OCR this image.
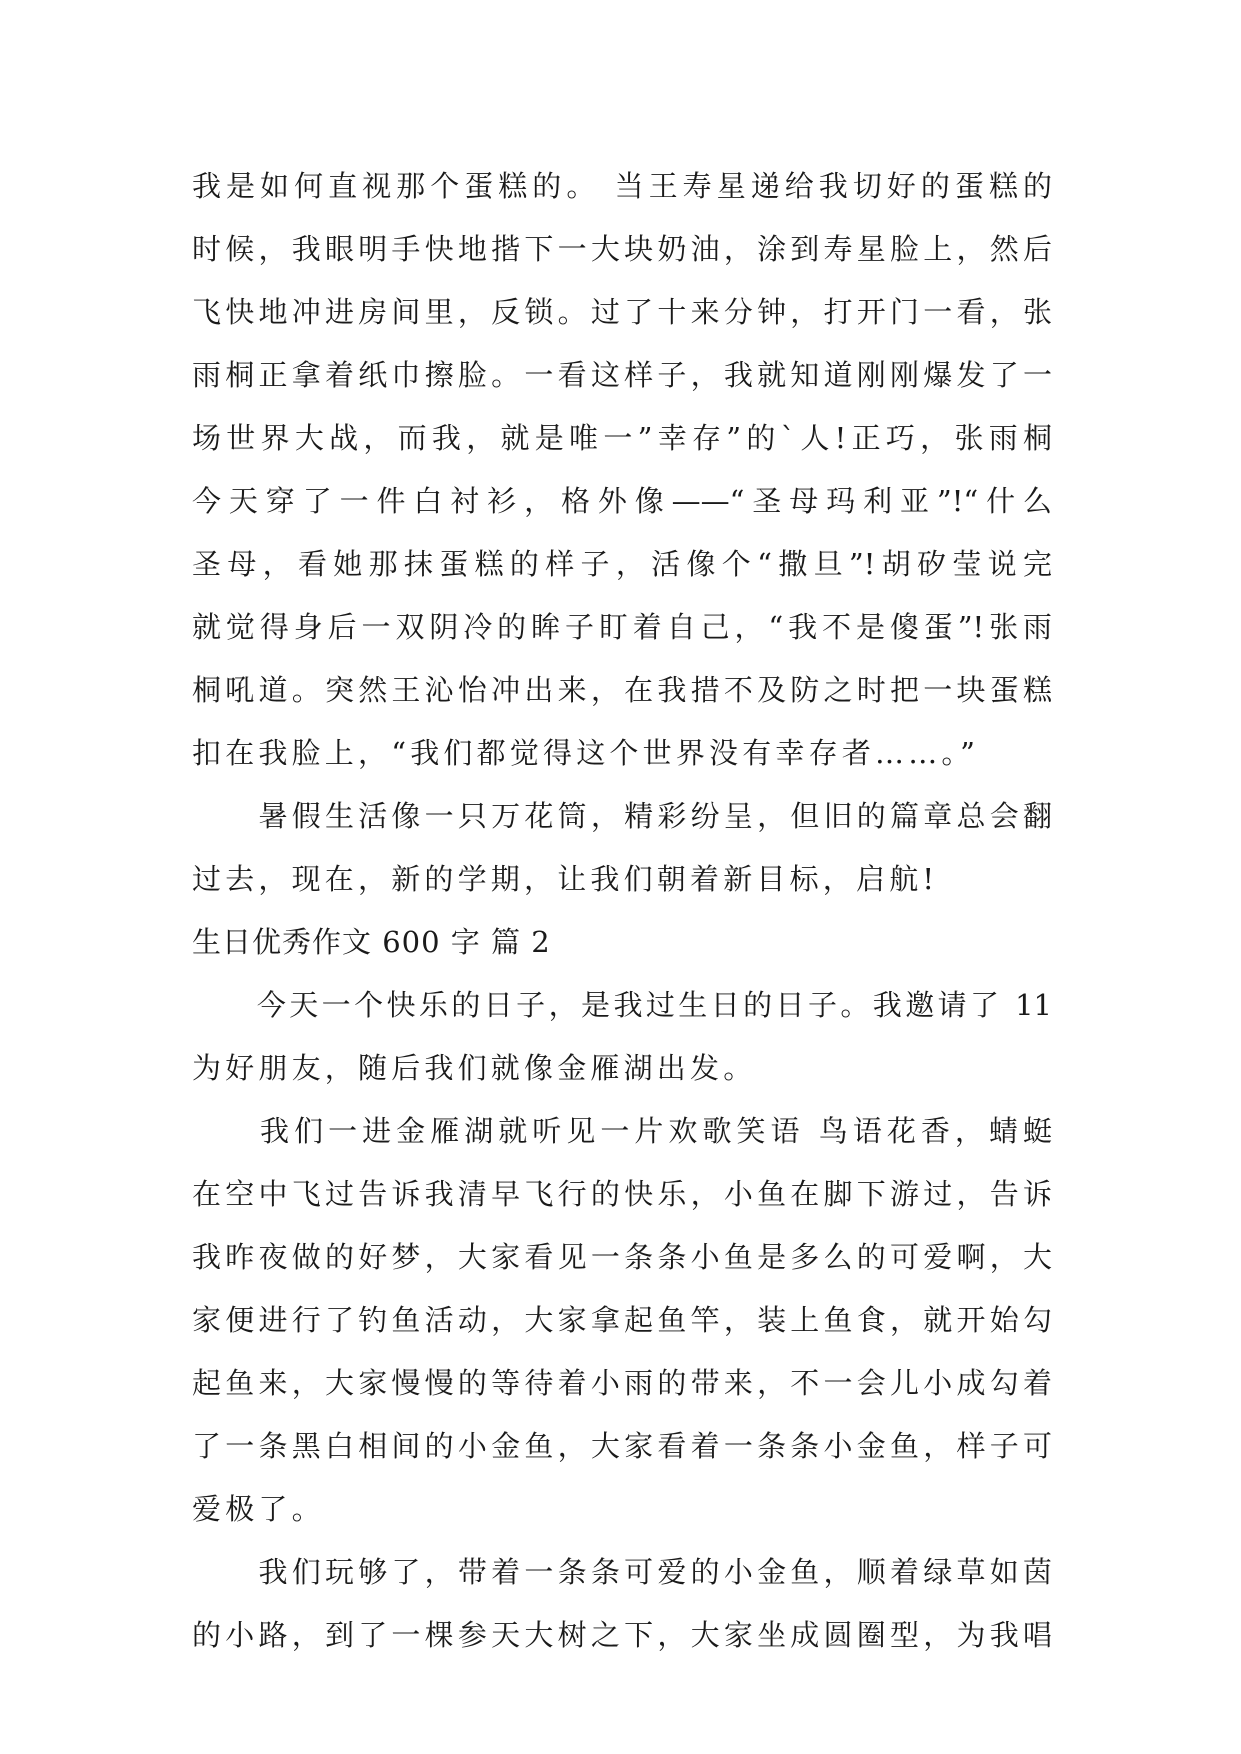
我是如何直视那个蛋糕的。 当王寿星递给我切好的蛋糕的
时候，我眼明手快地揩下一大块奶油，涂到寿星脸上，然后
飞快地冲进房间里，反锁。过了十来分钟，打开门一看，张
雨桐正拿着纸巾擦脸。一看这样子，我就知道刚刚爆发了一
场世界大战，而我，就是唯一”幸存”的`人!正巧，张雨桐
今天穿了一件白衬衫，格外像——“圣母玛利亚”!“什么
圣母，看她那抹蛋糕的样子，活像个“撒旦”!胡矽莹说完
就觉得身后一双阴冷的眸子盯着自己，“我不是傻蛋”!张雨
桐吼道。突然王沁怡冲出来，在我措不及防之时把一块蛋糕
扣在我脸上，“我们都觉得这个世界没有幸存者……。”
　　暑假生活像一只万花筒，精彩纷呈，但旧的篇章总会翻
过去，现在，新的学期，让我们朝着新目标，启航!
生日优秀作文 600 字 篇 2
　　今天一个快乐的日子，是我过生日的日子。我邀请了 11
为好朋友，随后我们就像金雁湖出发。
　　我们一进金雁湖就听见一片欢歌笑语 鸟语花香，蜻蜓
在空中飞过告诉我清早飞行的快乐，小鱼在脚下游过，告诉
我昨夜做的好梦，大家看见一条条小鱼是多么的可爱啊，大
家便进行了钓鱼活动，大家拿起鱼竿，装上鱼食，就开始勾
起鱼来，大家慢慢的等待着小雨的带来，不一会儿小成勾着
了一条黑白相间的小金鱼，大家看着一条条小金鱼，样子可
爱极了。
　　我们玩够了，带着一条条可爱的小金鱼，顺着绿草如茵
的小路，到了一棵参天大树之下，大家坐成圆圈型，为我唱
